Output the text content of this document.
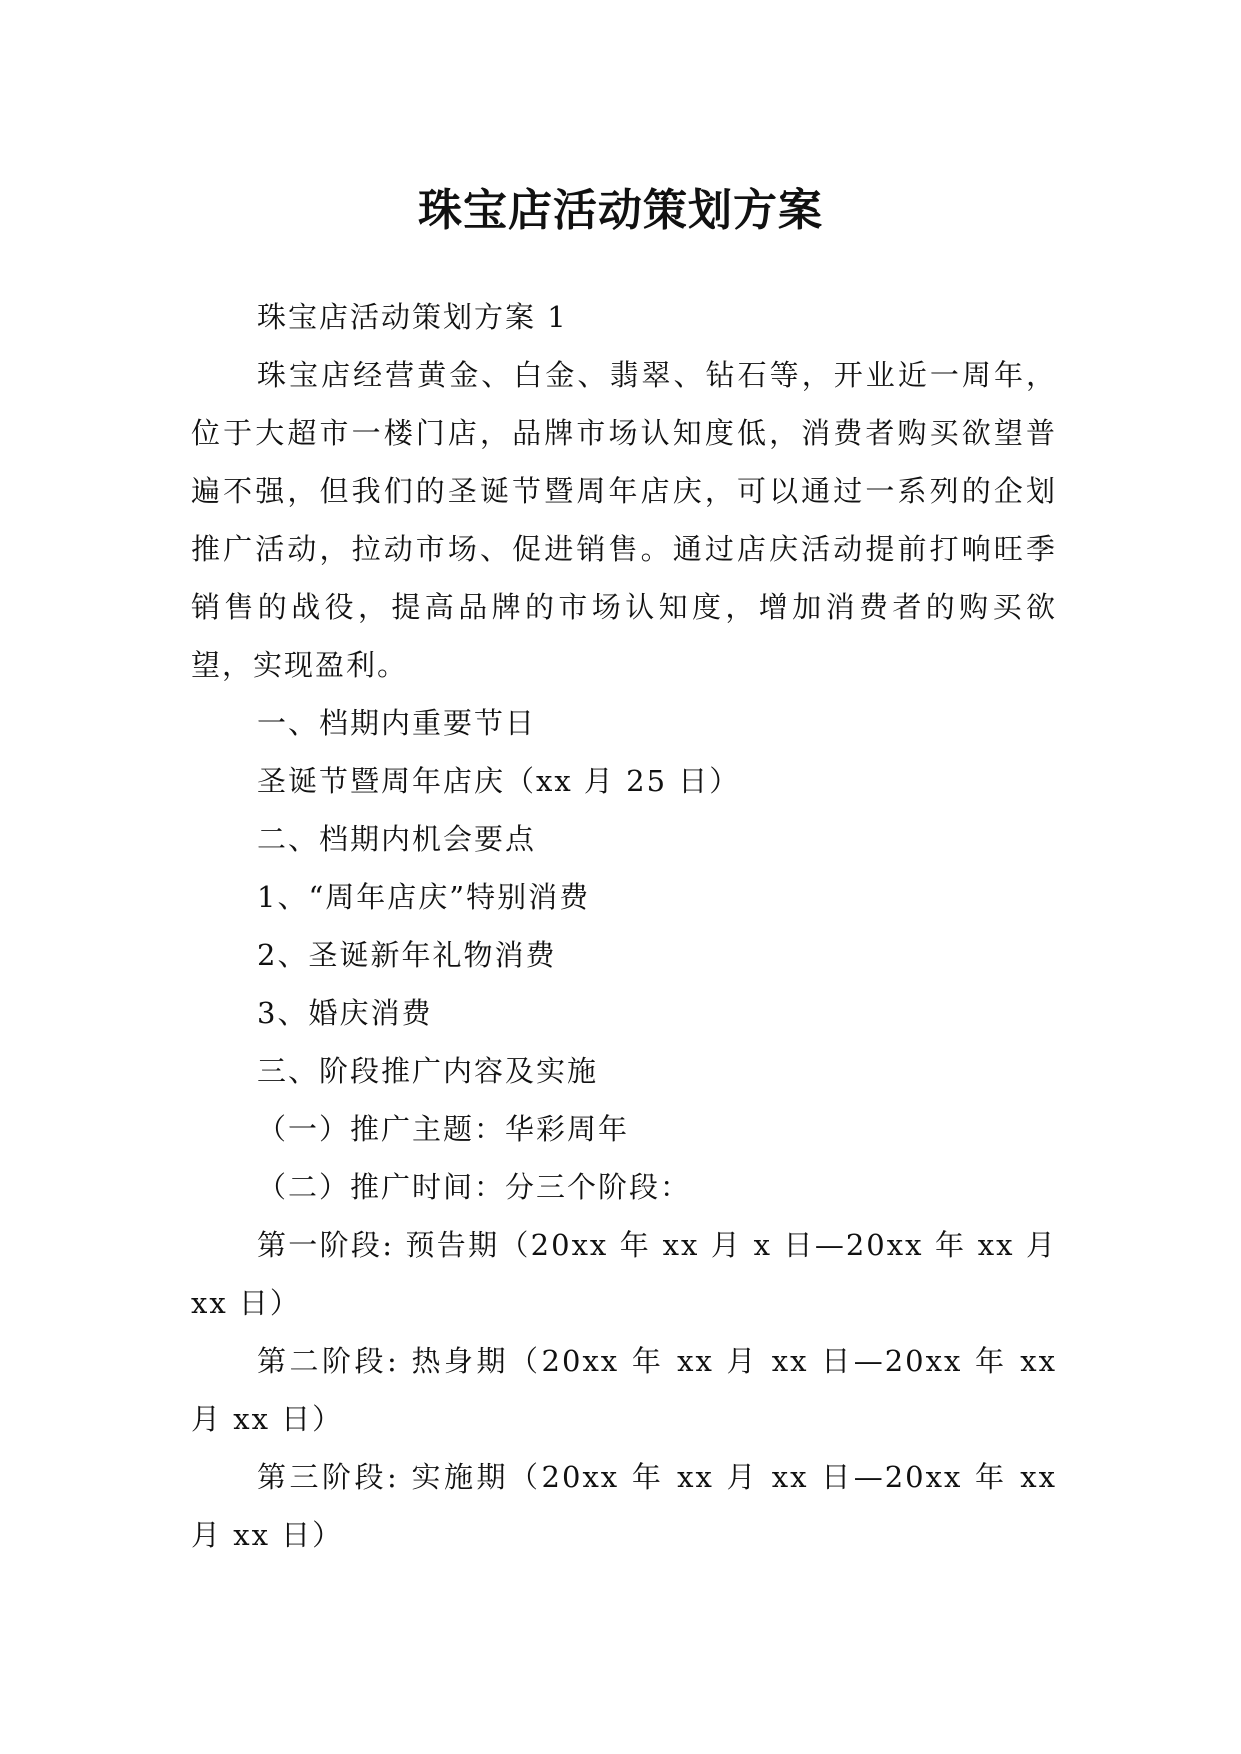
珠宝店活动策划方案

珠宝店活动策划方案 1

珠宝店经营黄金、白金、翡翠、钻石等，开业近一周年，位于大超市一楼门店，品牌市场认知度低，消费者购买欲望普遍不强，但我们的圣诞节暨周年店庆，可以通过一系列的企划推广活动，拉动市场、促进销售。通过店庆活动提前打响旺季销售的战役，提高品牌的市场认知度，增加消费者的购买欲望，实现盈利。

一、档期内重要节日

圣诞节暨周年店庆（xx 月 25 日）

二、档期内机会要点

1、“周年店庆”特别消费

2、圣诞新年礼物消费

3、婚庆消费

三、阶段推广内容及实施

（一）推广主题：华彩周年

（二）推广时间：分三个阶段：

第一阶段: 预告期（20xx 年 xx 月 x 日—20xx 年 xx 月 xx 日）

第二阶段: 热身期（20xx 年 xx 月 xx 日—20xx 年 xx 月 xx 日）

第三阶段: 实施期（20xx 年 xx 月 xx 日—20xx 年 xx 月 xx 日）
